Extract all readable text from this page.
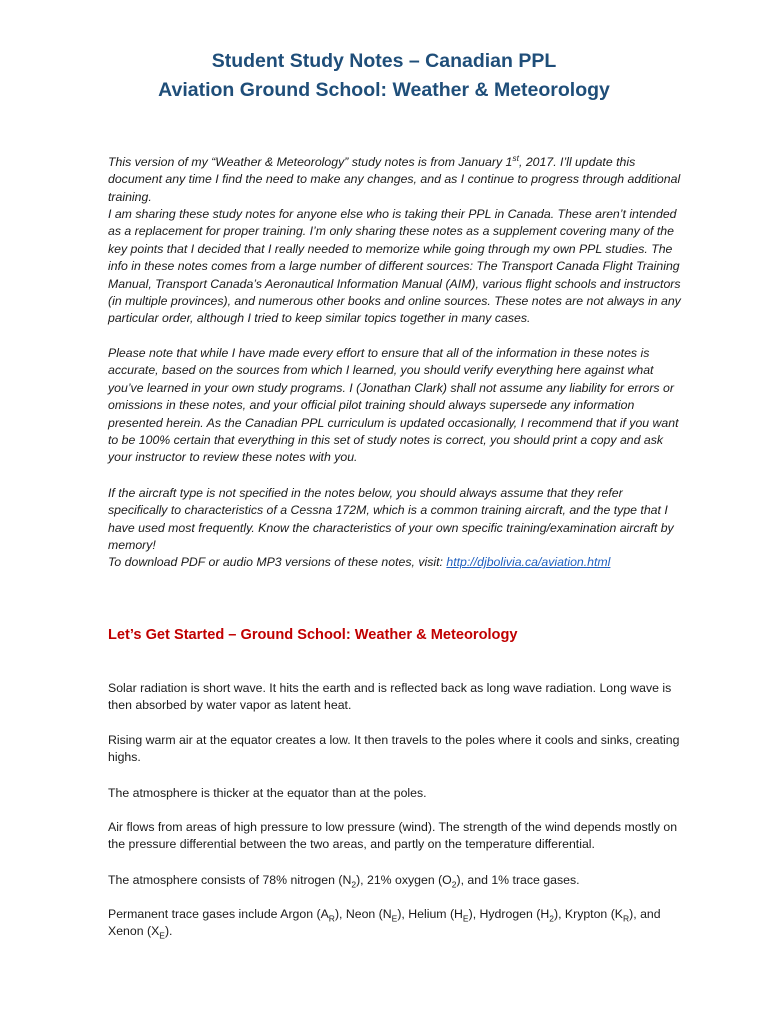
Student Study Notes – Canadian PPL
Aviation Ground School: Weather & Meteorology

This version of my “Weather & Meteorology” study notes is from January 1st, 2017. I’ll update this document any time I find the need to make any changes, and as I continue to progress through additional training.

I am sharing these study notes for anyone else who is taking their PPL in Canada. These aren’t intended as a replacement for proper training. I’m only sharing these notes as a supplement covering many of the key points that I decided that I really needed to memorize while going through my own PPL studies. The info in these notes comes from a large number of different sources: The Transport Canada Flight Training Manual, Transport Canada’s Aeronautical Information Manual (AIM), various flight schools and instructors (in multiple provinces), and numerous other books and online sources. These notes are not always in any particular order, although I tried to keep similar topics together in many cases.

Please note that while I have made every effort to ensure that all of the information in these notes is accurate, based on the sources from which I learned, you should verify everything here against what you’ve learned in your own study programs. I (Jonathan Clark) shall not assume any liability for errors or omissions in these notes, and your official pilot training should always supersede any information presented herein. As the Canadian PPL curriculum is updated occasionally, I recommend that if you want to be 100% certain that everything in this set of study notes is correct, you should print a copy and ask your instructor to review these notes with you.

If the aircraft type is not specified in the notes below, you should always assume that they refer specifically to characteristics of a Cessna 172M, which is a common training aircraft, and the type that I have used most frequently. Know the characteristics of your own specific training/examination aircraft by memory!

To download PDF or audio MP3 versions of these notes, visit: http://djbolivia.ca/aviation.html

Let’s Get Started – Ground School: Weather & Meteorology

Solar radiation is short wave. It hits the earth and is reflected back as long wave radiation. Long wave is then absorbed by water vapor as latent heat.

Rising warm air at the equator creates a low. It then travels to the poles where it cools and sinks, creating highs.

The atmosphere is thicker at the equator than at the poles.

Air flows from areas of high pressure to low pressure (wind). The strength of the wind depends mostly on the pressure differential between the two areas, and partly on the temperature differential.

The atmosphere consists of 78% nitrogen $(N_2)$, 21% oxygen $(O_2)$, and 1% trace gases.

Permanent trace gases include Argon $(A_R)$, Neon $(N_E)$, Helium $(H_E)$, Hydrogen $(H_2)$, Krypton $(K_R)$, and Xenon $(X_E)$.
